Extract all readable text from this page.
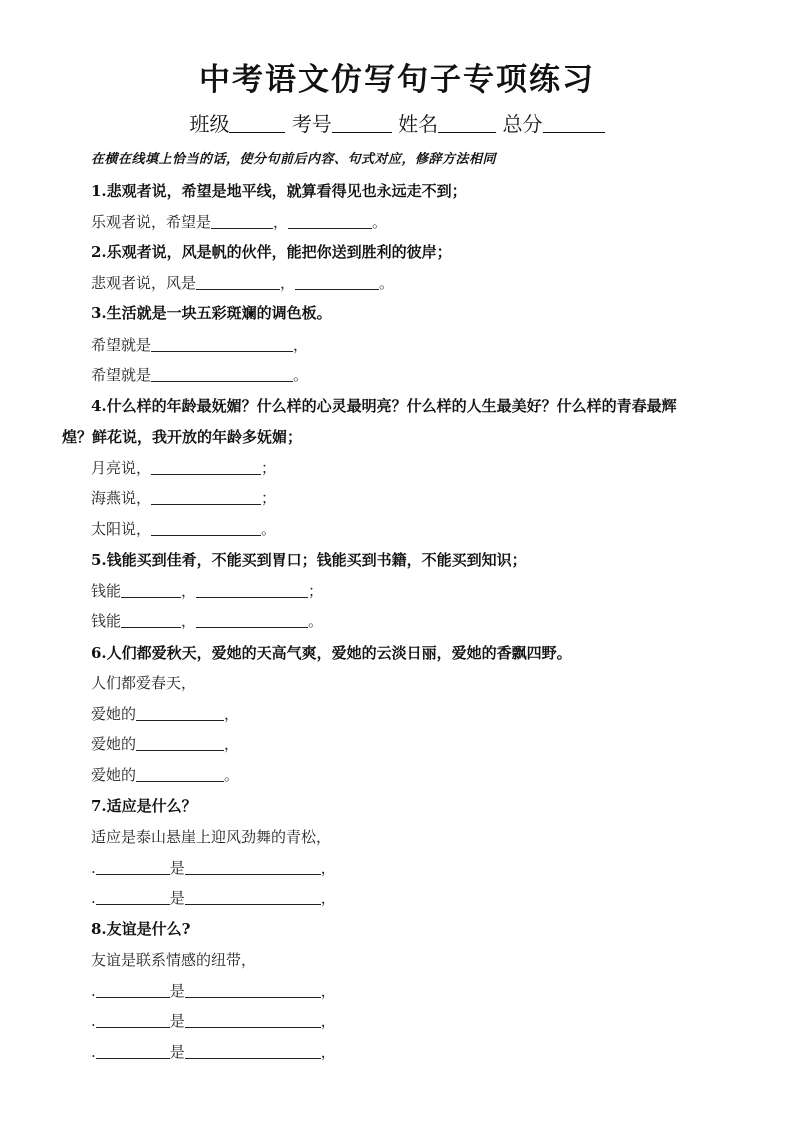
中考语文仿写句子专项练习
班级	考号	姓名	总分
在横在线填上恰当的话，使分句前后内容、句式对应，修辞方法相同
1.悲观者说，希望是地平线，就算看得见也永远走不到；
乐观者说，希望是	，	。
2.乐观者说，风是帆的伙伴，能把你送到胜利的彼岸；
悲观者说，风是	，	。
3.生活就是一块五彩斑斓的调色板。
希望就是	，
希望就是	。
4.什么样的年龄最妩媚？什么样的心灵最明亮？什么样的人生最美好？什么样的青春最辉
煌？鲜花说，我开放的年龄多妩媚；
月亮说，	；
海燕说，	；
太阳说，	。
5.钱能买到佳肴，不能买到胃口；钱能买到书籍，不能买到知识；
钱能	，	；
钱能	，	。
6.人们都爱秋天，爱她的天高气爽，爱她的云淡日丽，爱她的香飘四野。
人们都爱春天，
爱她的	，
爱她的	，
爱她的	。
7.适应是什么？
适应是泰山悬崖上迎风劲舞的青松，
.	是	，
.	是	，
8.友谊是什么?
友谊是联系情感的纽带，
.	是	，
.	是	，
.	是	，
